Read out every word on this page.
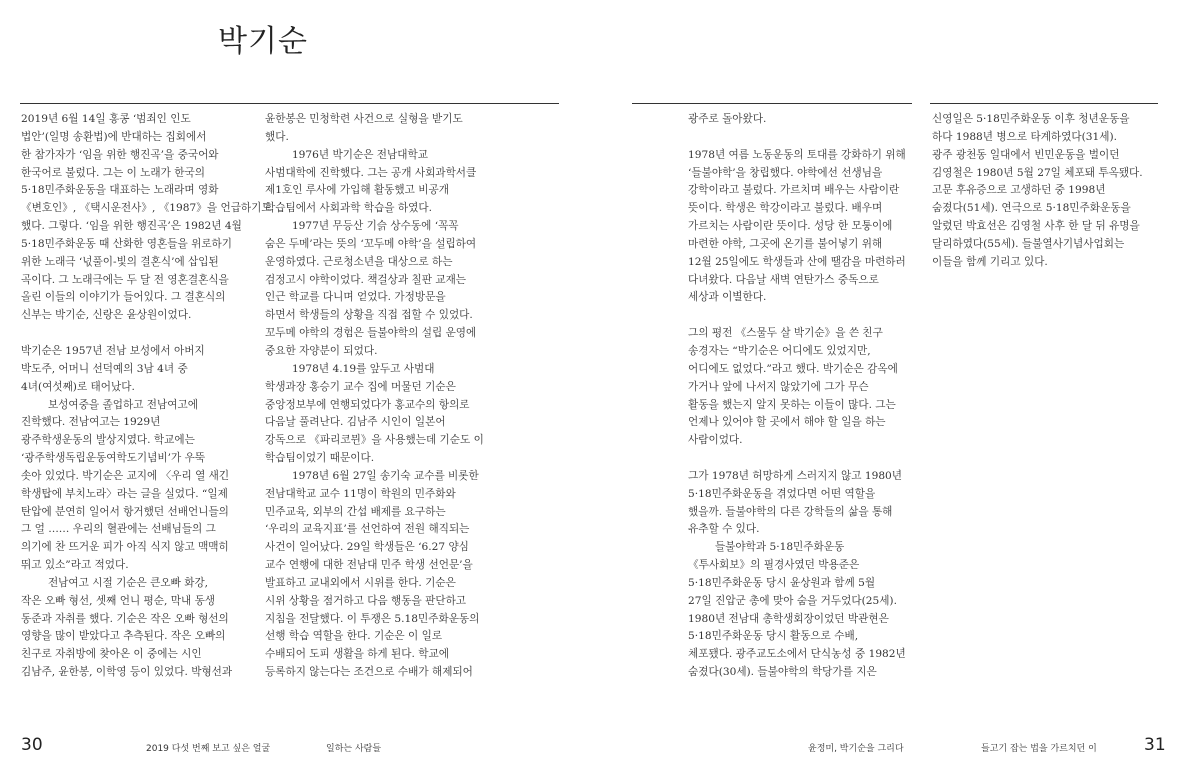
박기순
2019년 6월 14일 홍콩 ‘범죄인 인도
법안’(일명 송환법)에 반대하는 집회에서
한 참가자가 ‘임을 위한 행진곡’을 중국어와
한국어로 불렀다. 그는 이 노래가 한국의
5·18민주화운동을 대표하는 노래라며 영화
《변호인》, 《택시운전사》, 《1987》을 언급하기도
했다. 그렇다. ‘임을 위한 행진곡’은 1982년 4월
5·18민주화운동 때 산화한 영혼들을 위로하기
위한 노래극 ‘넋풀이-빛의 결혼식’에 삽입된
곡이다. 그 노래극에는 두 달 전 영혼결혼식을
올린 이들의 이야기가 들어있다. 그 결혼식의
신부는 박기순, 신랑은 윤상원이었다.
박기순은 1957년 전남 보성에서 아버지
박도주, 어머니 선덕예의 3남 4녀 중
4녀(여섯째)로 태어났다.
보성여중을 졸업하고 전남여고에
진학했다. 전남여고는 1929년
광주학생운동의 발상지였다. 학교에는
‘광주학생독립운동여학도기념비’가 우뚝
솟아 있었다. 박기순은 교지에 〈우리 열 새긴
학생탑에 부치노라〉라는 글을 실었다. “일제
탄압에 분연히 일어서 항거했던 선배언니들의
그 얼 …… 우리의 혈관에는 선배님들의 그
의기에 찬 뜨거운 피가 아직 식지 않고 맥맥히
뛰고 있소”라고 적었다.
전남여고 시절 기순은 큰오빠 화강,
작은 오빠 형선, 셋째 언니 평순, 막내 동생
동준과 자취를 했다. 기순은 작은 오빠 형선의
영향을 많이 받았다고 추측된다. 작은 오빠의
친구로 자취방에 찾아온 이 중에는 시인
김남주, 윤한봉, 이학영 등이 있었다. 박형선과
윤한봉은 민청학련 사건으로 실형을 받기도
했다.
1976년 박기순은 전남대학교
사범대학에 진학했다. 그는 공개 사회과학서클
제1호인 루사에 가입해 활동했고 비공개
학습팀에서 사회과학 학습을 하였다.
1977년 무등산 기슭 상수동에 ‘꼭꼭
숨은 두메’라는 뜻의 ‘꼬두메 야학’을 설립하여
운영하였다. 근로청소년을 대상으로 하는
검정고시 야학이었다. 책걸상과 칠판 교재는
인근 학교를 다니며 얻었다. 가정방문을
하면서 학생들의 상황을 직접 접할 수 있었다.
꼬두메 야학의 경험은 들불야학의 설립 운영에
중요한 자양분이 되었다.
1978년 4.19를 앞두고 사범대
학생과장 홍승기 교수 집에 머물던 기순은
중앙정보부에 연행되었다가 홍교수의 항의로
다음날 풀려난다. 김남주 시인이 일본어
강독으로 《파리코뮌》을 사용했는데 기순도 이
학습팀이었기 때문이다.
1978년 6월 27일 송기숙 교수를 비롯한
전남대학교 교수 11명이 학원의 민주화와
민주교육, 외부의 간섭 배제를 요구하는
‘우리의 교육지표’를 선언하여 전원 해직되는
사건이 일어났다. 29일 학생들은 ‘6.27 양심
교수 연행에 대한 전남대 민주 학생 선언문’을
발표하고 교내외에서 시위를 한다. 기순은
시위 상황을 점거하고 다음 행동을 판단하고
지침을 전달했다. 이 투쟁은 5.18민주화운동의
선행 학습 역할을 한다. 기순은 이 일로
수배되어 도피 생활을 하게 된다. 학교에
등록하지 않는다는 조건으로 수배가 해제되어
30	2019 다섯 번째 보고 싶은 얼굴	일하는 사람들
광주로 돌아왔다.
1978년 여름 노동운동의 토대를 강화하기 위해
‘들불야학’을 창립했다. 야학에선 선생님을
강학이라고 불렀다. 가르치며 배우는 사람이란
뜻이다. 학생은 학강이라고 불렀다. 배우며
가르치는 사람이란 뜻이다. 성당 한 모퉁이에
마련한 야학, 그곳에 온기를 불어넣기 위해
12월 25일에도 학생들과 산에 땔감을 마련하러
다녀왔다. 다음날 새벽 연탄가스 중독으로
세상과 이별한다.
그의 평전 《스물두 살 박기순》을 쓴 친구
송경자는 “박기순은 어디에도 있었지만,
어디에도 없었다.”라고 했다. 박기순은 감옥에
가거나 앞에 나서지 않았기에 그가 무슨
활동을 했는지 알지 못하는 이들이 많다. 그는
언제나 있어야 할 곳에서 해야 할 일을 하는
사람이었다.
그가 1978년 허망하게 스러지지 않고 1980년
5·18민주화운동을 겪었다면 어떤 역할을
했을까. 들불야학의 다른 강학들의 삶을 통해
유추할 수 있다.
들불야학과 5·18민주화운동
《투사회보》의 필경사였던 박용준은
5·18민주화운동 당시 윤상원과 함께 5월
27일 진압군 총에 맞아 숨을 거두었다(25세).
1980년 전남대 총학생회장이었던 박관현은
5·18민주화운동 당시 활동으로 수배,
체포됐다. 광주교도소에서 단식농성 중 1982년
숨졌다(30세). 들불야학의 학당가를 지은
신영일은 5·18민주화운동 이후 청년운동을
하다 1988년 병으로 타계하였다(31세).
광주 광천동 일대에서 빈민운동을 벌이던
김영철은 1980년 5월 27일 체포돼 투옥됐다.
고문 후유증으로 고생하던 중 1998년
숨졌다(51세). 연극으로 5·18민주화운동을
알렸던 박효선은 김영철 사후 한 달 뒤 유명을
달리하였다(55세). 들불열사기념사업회는
이들을 함께 기리고 있다.
윤정미, 박기순을 그리다	들고기 잡는 법을 가르치던 이	31
